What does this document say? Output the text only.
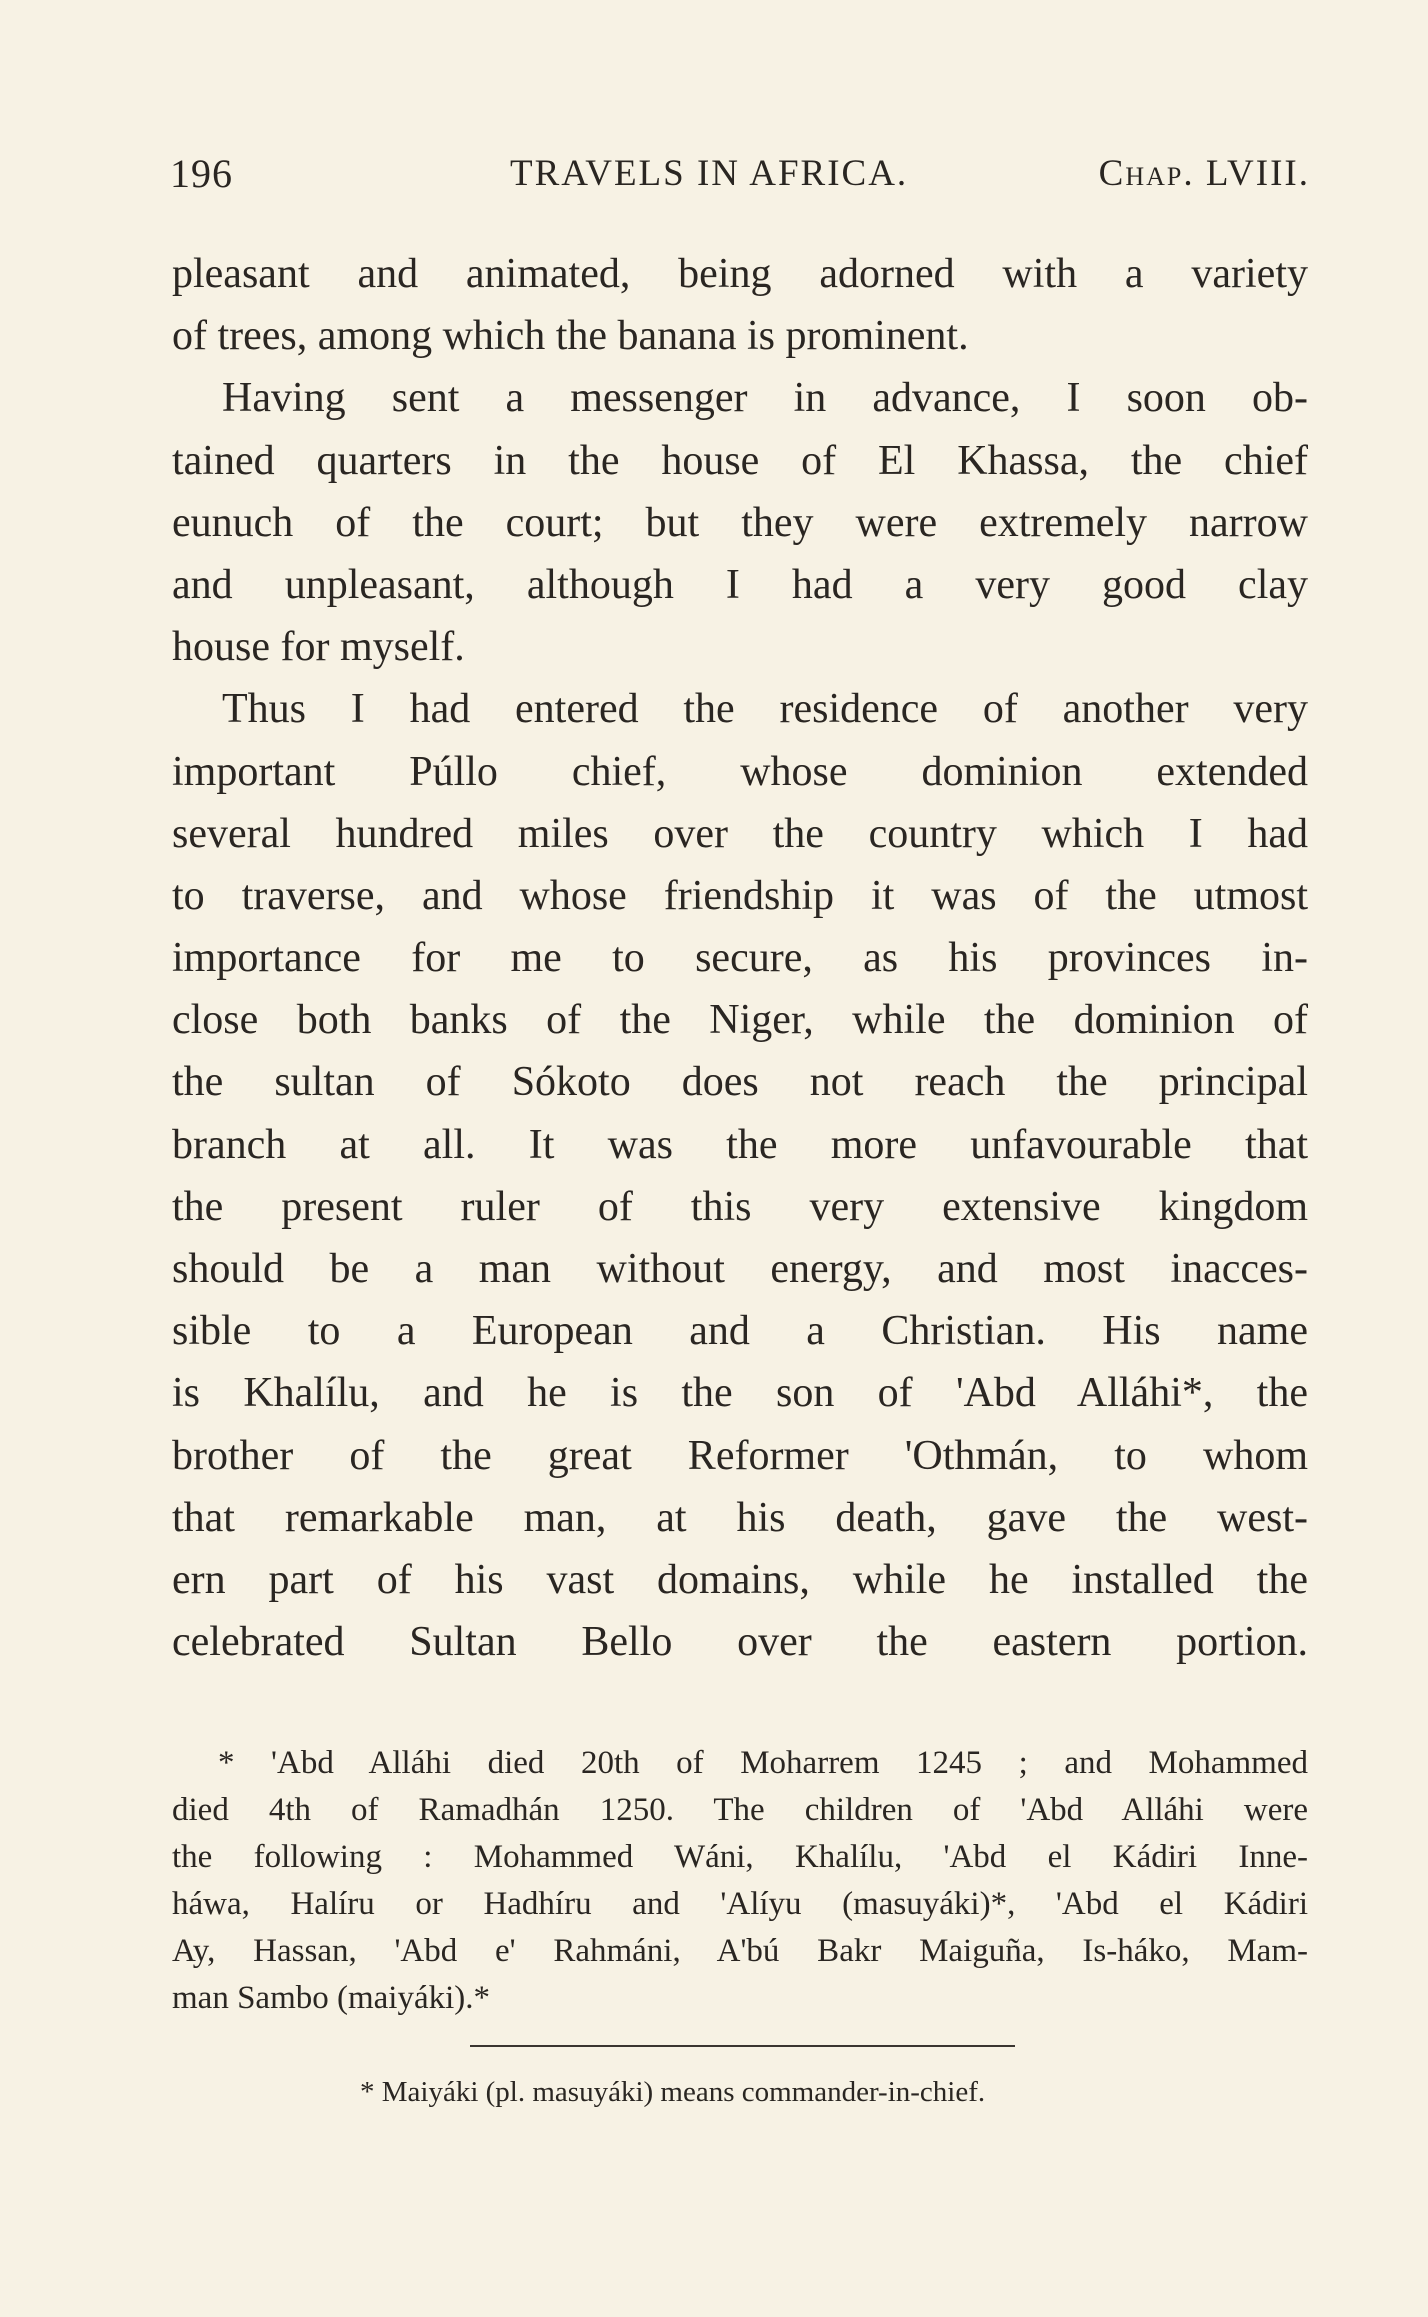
196	TRAVELS IN AFRICA.	Chap. LVIII.
pleasant and animated, being adorned with a variety
of trees, among which the banana is prominent.
Having sent a messenger in advance, I soon ob-
tained quarters in the house of El Khassa, the chief
eunuch of the court; but they were extremely narrow
and unpleasant, although I had a very good clay
house for myself.
Thus I had entered the residence of another very
important Púllo chief, whose dominion extended
several hundred miles over the country which I had
to traverse, and whose friendship it was of the utmost
importance for me to secure, as his provinces in-
close both banks of the Niger, while the dominion of
the sultan of Sókoto does not reach the principal
branch at all. It was the more unfavourable that
the present ruler of this very extensive kingdom
should be a man without energy, and most inacces-
sible to a European and a Christian. His name
is Khalílu, and he is the son of 'Abd Alláhi*, the
brother of the great Reformer 'Othmán, to whom
that remarkable man, at his death, gave the west-
ern part of his vast domains, while he installed the
celebrated Sultan Bello over the eastern portion.
* 'Abd Alláhi died 20th of Moharrem 1245 ; and Mohammed
died 4th of Ramadhán 1250. The children of 'Abd Alláhi were
the following : Mohammed Wáni, Khalílu, 'Abd el Kádiri Inne-
háwa, Halíru or Hadhíru and 'Alíyu (masuyáki)*, 'Abd el Kádiri
Ay, Hassan, 'Abd e' Rahmáni, A'bú Bakr Maiguña, Is-háko, Mam-
man Sambo (maiyáki).*
* Maiyáki (pl. masuyáki) means commander-in-chief.
